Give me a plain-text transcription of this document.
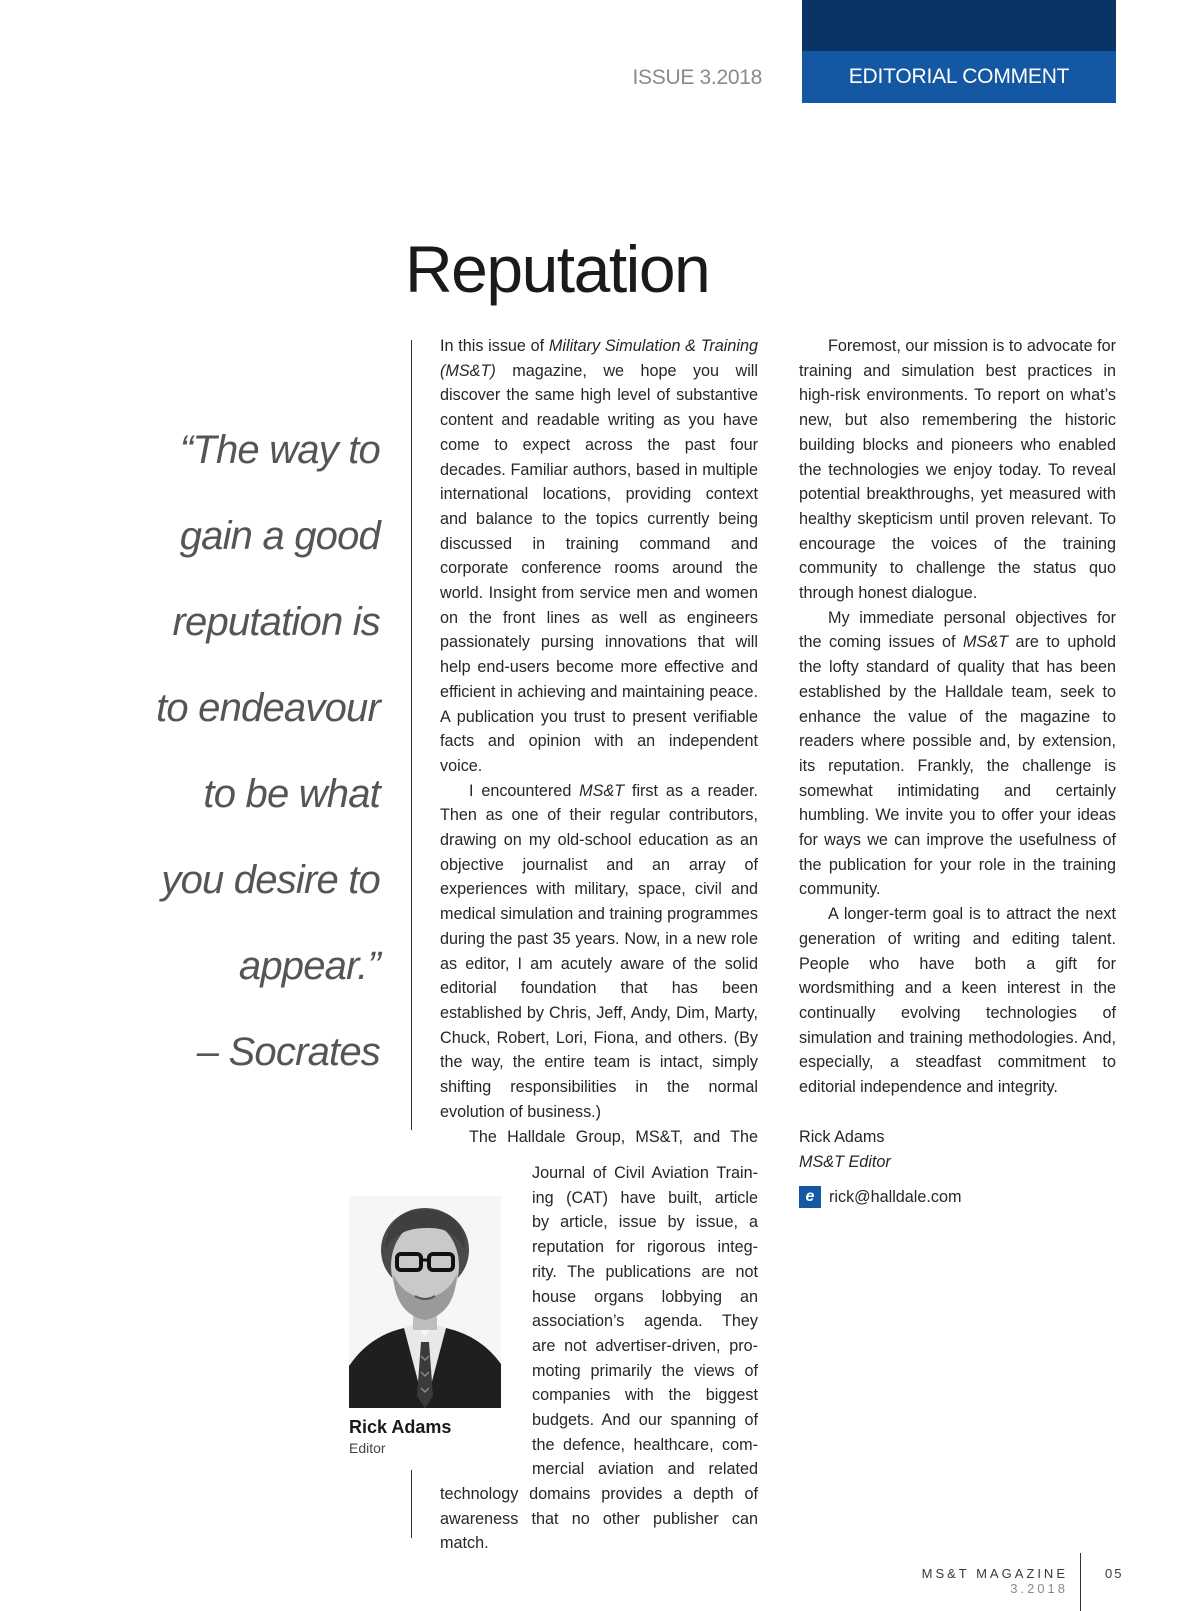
ISSUE 3.2018	EDITORIAL COMMENT
Reputation
“The way to
gain a good
reputation is
to endeavour
to be what
you desire to
appear.”
– Socrates

In this issue of Military Simulation & Training (MS&T) magazine, we hope you will discover the same high level of substantive content and readable writing as you have come to expect across the past four decades. Familiar authors, based in multiple international locations, providing context and balance to the topics currently being discussed in training command and corporate conference rooms around the world. Insight from service men and women on the front lines as well as engineers passionately pursing innovations that will help end-users become more effective and efficient in achieving and maintaining peace. A publication you trust to present verifiable facts and opinion with an independent voice.

I encountered MS&T first as a reader. Then as one of their regular contributors, drawing on my old-school education as an objective journalist and an array of experiences with military, space, civil and medical simulation and training programmes during the past 35 years. Now, in a new role as editor, I am acutely aware of the solid editorial foundation that has been established by Chris, Jeff, Andy, Dim, Marty, Chuck, Robert, Lori, Fiona, and others. (By the way, the entire team is intact, simply shifting responsibilities in the normal evolution of business.)

The Halldale Group, MS&T, and The

Journal of Civil Aviation Train-
ing (CAT) have built, article
by article, issue by issue, a
reputation for rigorous integ-
rity. The publications are not
house organs lobbying an
association’s agenda. They
are not advertiser-driven, pro-
moting primarily the views of
companies with the biggest
budgets. And our spanning of
the defence, healthcare, com-
mercial aviation and related
technology domains provides a depth of
awareness that no other publisher can
match.
Rick Adams
Editor

Foremost, our mission is to advocate for training and simulation best practices in high-risk environments. To report on what’s new, but also remembering the historic building blocks and pioneers who enabled the technologies we enjoy today. To reveal potential breakthroughs, yet measured with healthy skepticism until proven relevant. To encourage the voices of the training community to challenge the status quo through honest dialogue.

My immediate personal objectives for the coming issues of MS&T are to uphold the lofty standard of quality that has been established by the Halldale team, seek to enhance the value of the magazine to readers where possible and, by extension, its reputation. Frankly, the challenge is somewhat intimidating and certainly humbling. We invite you to offer your ideas for ways we can improve the usefulness of the publication for your role in the training community.

A longer-term goal is to attract the next generation of writing and editing talent. People who have both a gift for wordsmithing and a keen interest in the continually evolving technologies of simulation and training methodologies. And, especially, a steadfast commitment to editorial independence and integrity.

Rick Adams
MS&T Editor
e rick@halldale.com
MS&T MAGAZINE 3.2018
05
